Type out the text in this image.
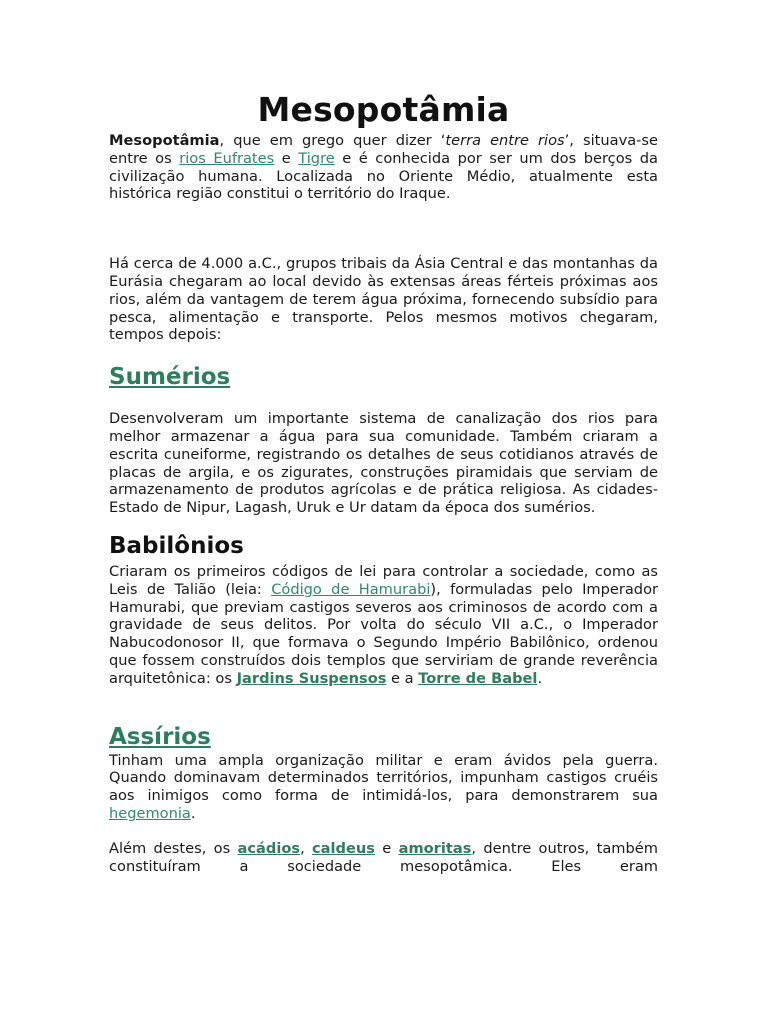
Mesopotâmia

Mesopotâmia, que em grego quer dizer ‘terra entre rios’, situava-se entre os rios Eufrates e Tigre e é conhecida por ser um dos berços da civilização humana. Localizada no Oriente Médio, atualmente esta histórica região constitui o território do Iraque.

Há cerca de 4.000 a.C., grupos tribais da Ásia Central e das montanhas da Eurásia chegaram ao local devido às extensas áreas férteis próximas aos rios, além da vantagem de terem água próxima, fornecendo subsídio para pesca, alimentação e transporte. Pelos mesmos motivos chegaram, tempos depois:

Sumérios

Desenvolveram um importante sistema de canalização dos rios para melhor armazenar a água para sua comunidade. Também criaram a escrita cuneiforme, registrando os detalhes de seus cotidianos através de placas de argila, e os zigurates, construções piramidais que serviam de armazenamento de produtos agrícolas e de prática religiosa. As cidades-Estado de Nipur, Lagash, Uruk e Ur datam da época dos sumérios.

Babilônios

Criaram os primeiros códigos de lei para controlar a sociedade, como as Leis de Talião (leia: Código de Hamurabi), formuladas pelo Imperador Hamurabi, que previam castigos severos aos criminosos de acordo com a gravidade de seus delitos. Por volta do século VII a.C., o Imperador Nabucodonosor II, que formava o Segundo Império Babilônico, ordenou que fossem construídos dois templos que serviriam de grande reverência arquitetônica: os Jardins Suspensos e a Torre de Babel.

Assírios

Tinham uma ampla organização militar e eram ávidos pela guerra. Quando dominavam determinados territórios, impunham castigos cruéis aos inimigos como forma de intimidá-los, para demonstrarem sua hegemonia.

Além destes, os acádios, caldeus e amoritas, dentre outros, também constituíram a sociedade mesopotâmica. Eles eram
